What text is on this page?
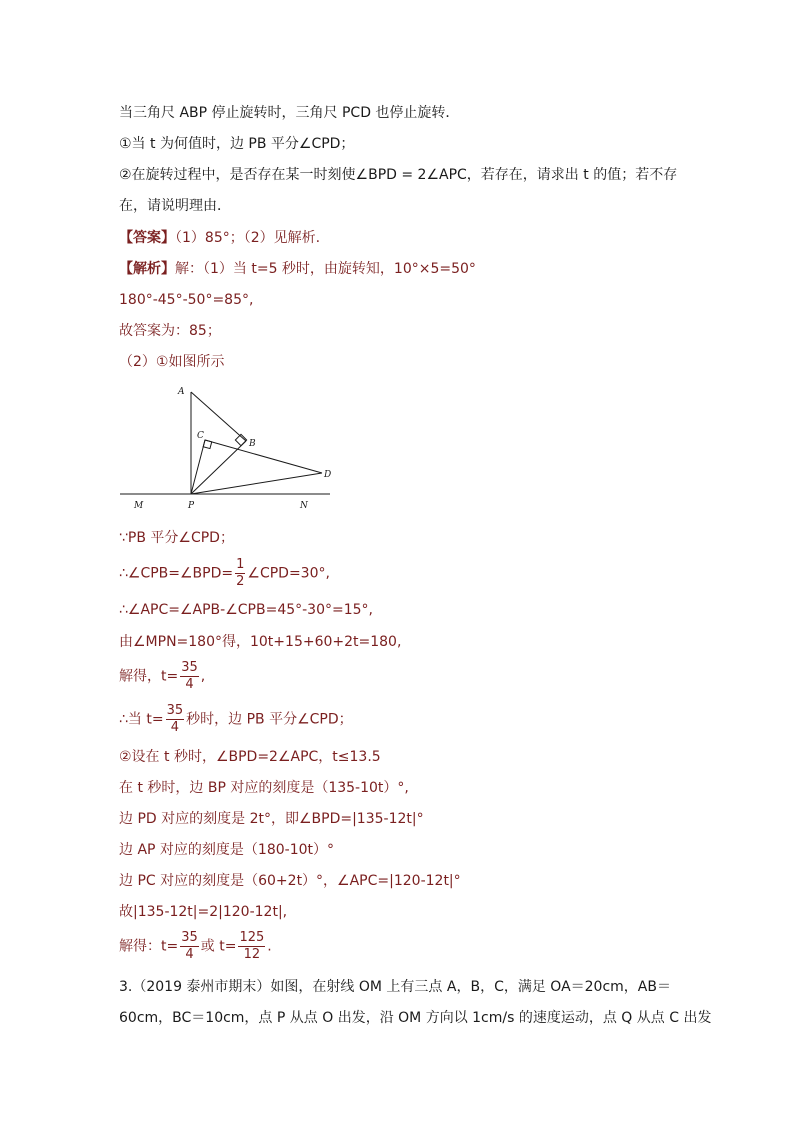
当三角尺 ABP 停止旋转时，三角尺 PCD 也停止旋转．
①当 t 为何值时，边 PB 平分∠CPD；
②在旋转过程中，是否存在某一时刻使∠BPD = 2∠APC，若存在，请求出 t 的值；若不存
在，请说明理由．
【答案】（1）85°；（2）见解析.
【解析】解：（1）当 t=5 秒时，由旋转知，10°×5=50°
180°-45°-50°=85°,
故答案为：85；
（2）①如图所示
A
B
C
D
M	P	N
∵PB 平分∠CPD；
∴∠CPB=∠BPD= $\frac{1}{2}$ ∠CPD=30°,
∴∠APC=∠APB-∠CPB=45°-30°=15°,
由∠MPN=180°得，10t+15+60+2t=180,
解得，$t= \frac{35}{4}$ ,
∴当 $t= \frac{35}{4}$ 秒时，边 PB 平分∠CPD；
②设在 t 秒时，∠BPD=2∠APC，t≤13.5
在 t 秒时，边 BP 对应的刻度是（135-10t）°,
边 PD 对应的刻度是 2t°，即∠BPD=|135-12t|°
边 AP 对应的刻度是（180-10t）°
边 PC 对应的刻度是（60+2t）°，∠APC=|120-12t|°
故|135-12t|=2|120-12t|,
解得：$t= \frac{35}{4}$ 或 $t= \frac{125}{12}$ .
3.（2019 泰州市期末）如图，在射线 OM 上有三点 A，B，C，满足 OA＝20cm，AB＝
60cm，BC＝10cm，点 P 从点 O 出发，沿 OM 方向以 1cm/s 的速度运动，点 Q 从点 C 出发
